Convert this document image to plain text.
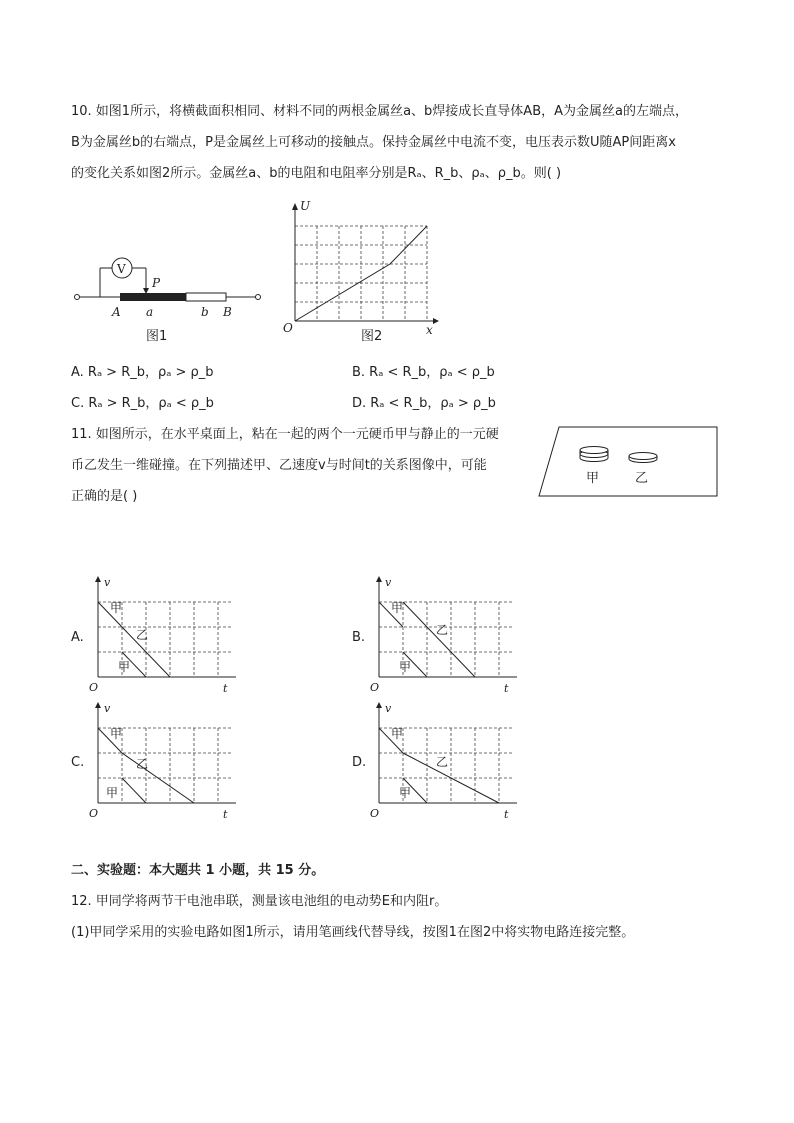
10. 如图1所示，将横截面积相同、材料不同的两根金属丝a、b焊接成长直导体AB，A为金属丝a的左端点，
B为金属丝b的右端点，P是金属丝上可移动的接触点。保持金属丝中电流不变，电压表示数U随AP间距离x
的变化关系如图2所示。金属丝a、b的电阻和电阻率分别是Rₐ、R_b、ρₐ、ρ_b。则( )
V
P
A a	b B
图1
U
x
O
图2
A. Rₐ > R_b，ρₐ > ρ_b	B. Rₐ < R_b，ρₐ < ρ_b
C. Rₐ > R_b，ρₐ < ρ_b	D. Rₐ < R_b，ρₐ > ρ_b
11. 如图所示，在水平桌面上，粘在一起的两个一元硬币甲与静止的一元硬
币乙发生一维碰撞。在下列描述甲、乙速度v与时间t的关系图像中，可能
正确的是( )
甲	乙
A.
v
t
O
甲
乙
甲
B.
v
t
O
甲
乙
甲
C.
v
t
O
甲
乙
甲
D.
v
t
O
甲
乙
甲
二、实验题：本大题共 1 小题，共 15 分。
12. 甲同学将两节干电池串联，测量该电池组的电动势E和内阻r。
(1)甲同学采用的实验电路如图1所示，请用笔画线代替导线，按图1在图2中将实物电路连接完整。
